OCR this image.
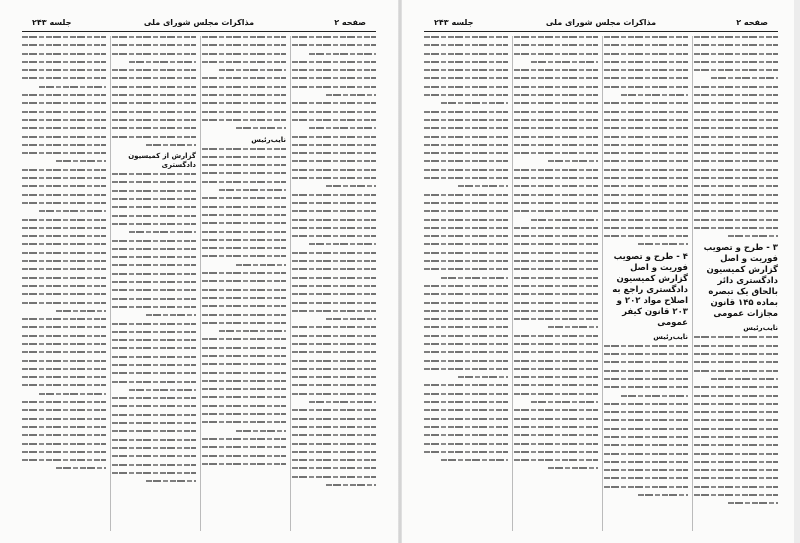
صفحه ۲
مذاکرات مجلس شورای ملی
جلسه ۲۴۳
نایب‌رئیس
گزارش از کمیسیون دادگستری
صفحه ۲
مذاکرات مجلس شورای ملی
جلسه ۲۴۳
۳ - طرح و تصویب فوریت و اصل گزارش کمیسیون دادگستری دائر بالحاق یک تبصره بماده ۱۴۵ قانون مجازات عمومی
نایب‌رئیس
۴ - طرح و تصویب فوریت و اصل گزارش کمیسیون دادگستری راجع به اصلاح مواد ۲۰۲ و ۲۰۳ قانون کیفر عمومی
نایب‌رئیس
